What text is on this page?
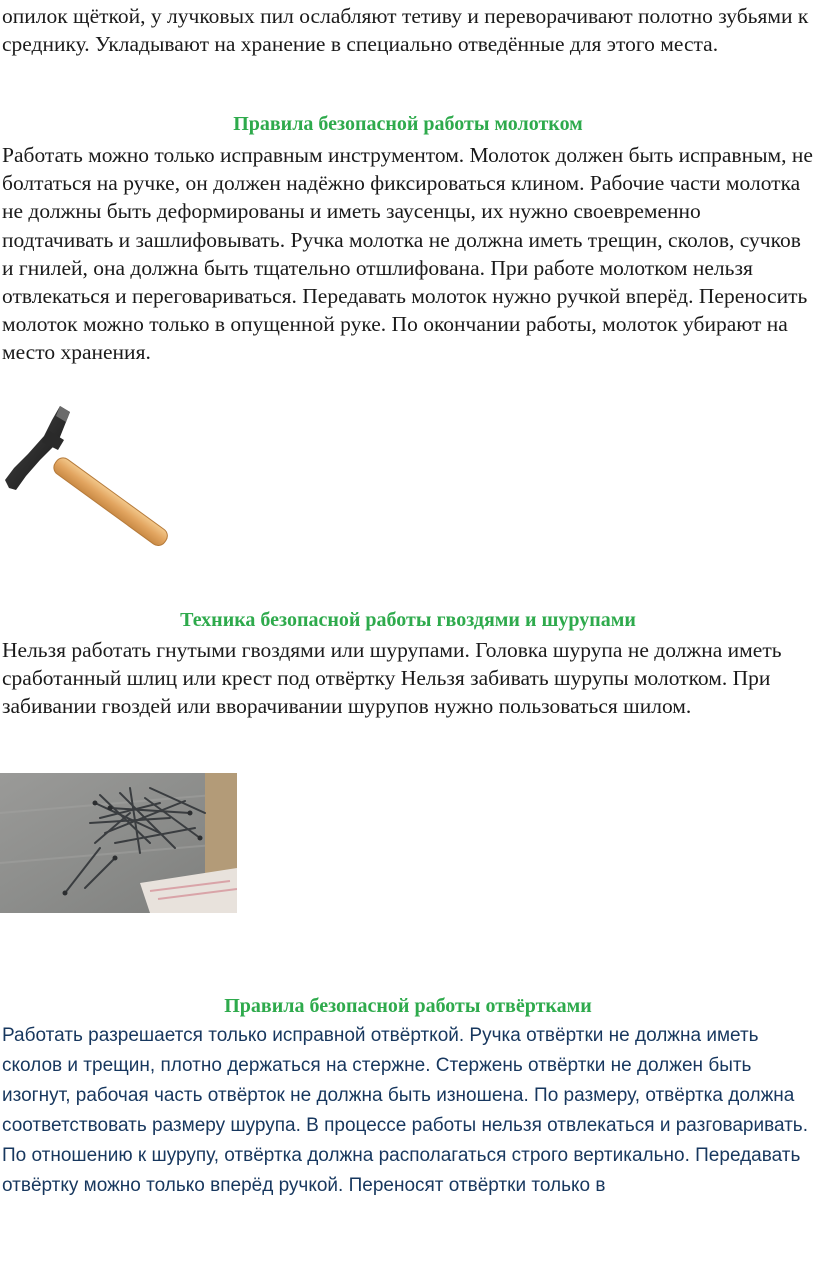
опилок щёткой, у лучковых пил ослабляют тетиву и переворачивают полотно зубьями к среднику. Укладывают на хранение в специально отведённые для этого места.

Правила безопасной работы молотком

Работать можно только исправным инструментом. Молоток должен быть исправным, не болтаться на ручке, он должен надёжно фиксироваться клином. Рабочие части молотка не должны быть деформированы и иметь заусенцы, их нужно своевременно подтачивать и зашлифовывать. Ручка молотка не должна иметь трещин, сколов, сучков и гнилей, она должна быть тщательно отшлифована. При работе молотком нельзя отвлекаться и переговариваться. Передавать молоток нужно ручкой вперёд. Переносить молоток можно только в опущенной руке. По окончании работы, молоток убирают на место хранения.

Техника безопасной работы гвоздями и шурупами

Нельзя работать гнутыми гвоздями или шурупами. Головка шурупа не должна иметь сработанный шлиц или крест под отвёртку Нельзя забивать шурупы молотком. При забивании гвоздей или вворачивании шурупов нужно пользоваться шилом.

Правила безопасной работы отвёртками

Работать разрешается только исправной отвёрткой. Ручка отвёртки не должна иметь сколов и трещин, плотно держаться на стержне. Стержень отвёртки не должен быть изогнут, рабочая часть отвёрток не должна быть изношена. По размеру, отвёртка должна соответствовать размеру шурупа. В процессе работы нельзя отвлекаться и разговаривать. По отношению к шурупу, отвёртка должна располагаться строго вертикально. Передавать отвёртку можно только вперёд ручкой. Переносят отвёртки только в
